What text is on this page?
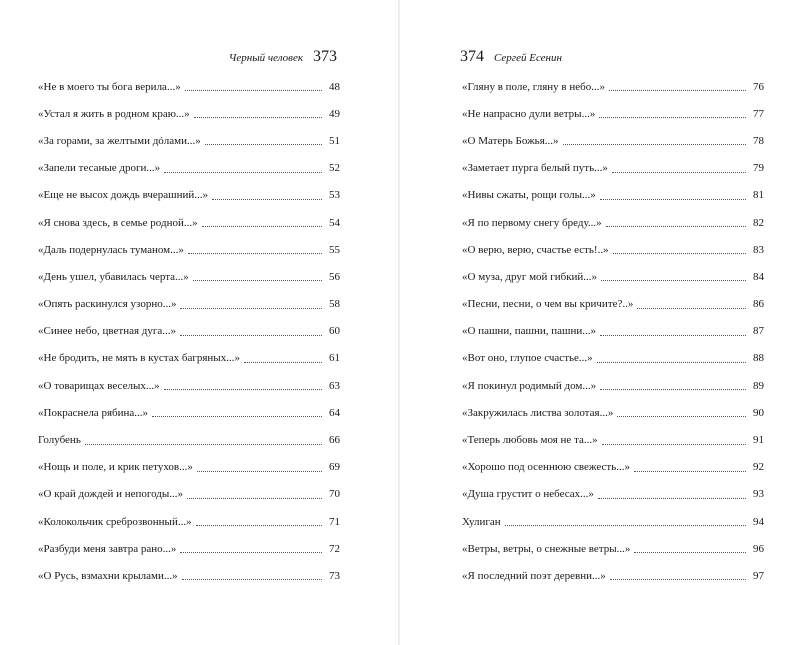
Черный человек 373
«Не в моего ты бога верила...»	48
«Устал я жить в родном краю...»	49
«За горами, за желтыми дóлами...»	51
«Запели тесаные дроги...»	52
«Еще не высох дождь вчерашний...»	53
«Я снова здесь, в семье родной...»	54
«Даль подернулась туманом...»	55
«День ушел, убавилась черта...»	56
«Опять раскинулся узорно...»	58
«Синее небо, цветная дуга...»	60
«Не бродить, не мять в кустах багряных...»	61
«О товарищах веселых...»	63
«Покраснела рябина...»	64
Голубень	66
«Нощь и поле, и крик петухов...»	69
«О край дождей и непогоды...»	70
«Колокольчик среброзвонный...»	71
«Разбуди меня завтра рано...»	72
«О Русь, взмахни крылами...»	73
374 Сергей Есенин
«Гляну в поле, гляну в небо...»	76
«Не напрасно дули ветры...»	77
«О Матерь Божья...»	78
«Заметает пурга белый путь...»	79
«Нивы сжаты, рощи голы...»	81
«Я по первому снегу бреду...»	82
«О верю, верю, счастье есть!..»	83
«О муза, друг мой гибкий...»	84
«Песни, песни, о чем вы кричите?..»	86
«О пашни, пашни, пашни...»	87
«Вот оно, глупое счастье...»	88
«Я покинул родимый дом...»	89
«Закружилась листва золотая...»	90
«Теперь любовь моя не та...»	91
«Хорошо под осеннюю свежесть...»	92
«Душа грустит о небесах...»	93
Хулиган	94
«Ветры, ветры, о снежные ветры...»	96
«Я последний поэт деревни...»	97
